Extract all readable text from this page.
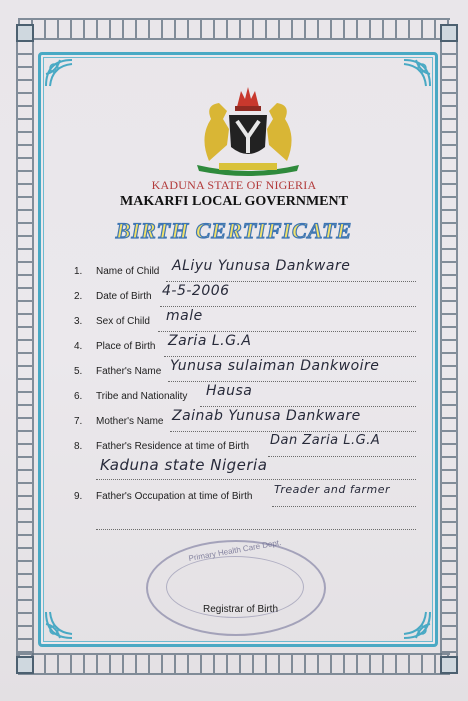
KADUNA STATE OF NIGERIA
MAKARFI LOCAL GOVERNMENT
BIRTH CERTIFICATE
1. Name of Child ALiyu Yunusa Dankware
2. Date of Birth 4-5-2006
3. Sex of Child male
4. Place of Birth Zaria L.G.A
5. Father's Name Yunusa sulaiman Dankwoire
6. Tribe and Nationality Hausa
7. Mother's Name Zainab Yunusa Dankware
8. Father's Residence at time of Birth Dan Zaria L.G.A
Kaduna state Nigeria
9. Father's Occupation at time of Birth
Treader and farmer
Primary Health Care Dept.
Registrar of Birth
